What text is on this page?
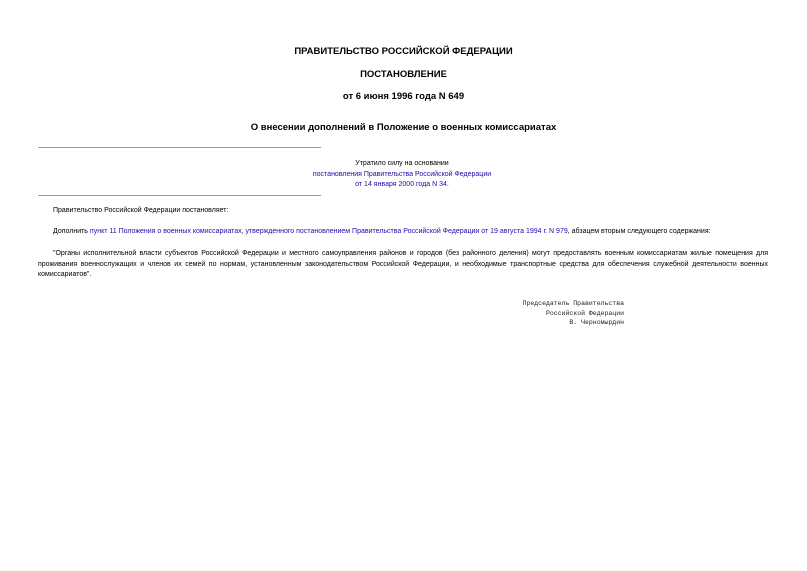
ПРАВИТЕЛЬСТВО РОССИЙСКОЙ ФЕДЕРАЦИИ
ПОСТАНОВЛЕНИЕ
от 6 июня 1996 года N 649
О внесении дополнений в Положение о военных комиссариатах
Утратило силу на основании
постановления Правительства Российской Федерации
от 14 января 2000 года N 34.
Правительство Российской Федерации постановляет:
Дополнить пункт 11 Положения о военных комиссариатах, утвержденного постановлением Правительства Российской Федерации от 19 августа 1994 г. N 979, абзацем вторым следующего содержания:
"Органы исполнительной власти субъектов Российской Федерации и местного самоуправления районов и городов (без районного деления) могут предоставлять военным комиссариатам жилые помещения для проживания военнослужащих и членов их семей по нормам, установленным законодательством Российской Федерации, и необходимые транспортные средства для обеспечения служебной деятельности военных комиссариатов".
Председатель Правительства
Российской Федерации
В. Черномырдин
